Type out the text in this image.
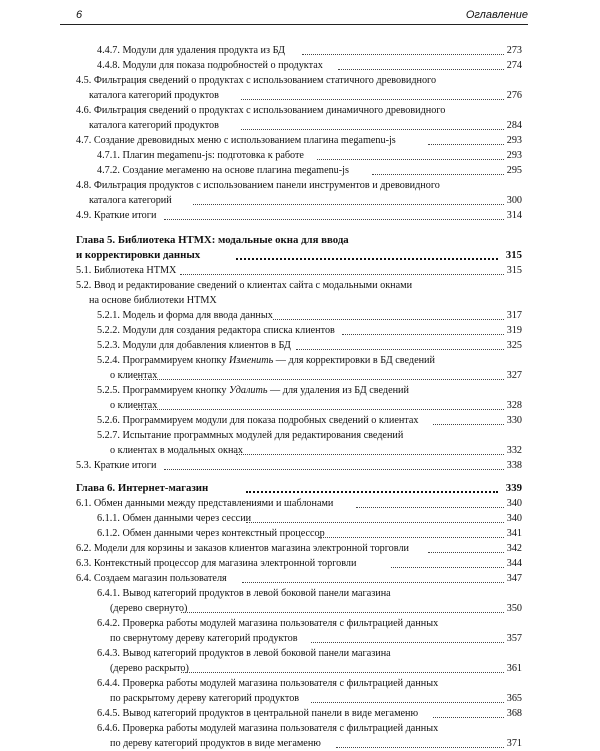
6	Оглавление
4.4.7. Модули для удаления продукта из БД	273
4.4.8. Модули для показа подробностей о продуктах	274
4.5. Фильтрация сведений о продуктах с использованием статичного древовидного
каталога категорий продуктов	276
4.6. Фильтрация сведений о продуктах с использованием динамичного древовидного
каталога категорий продуктов	284
4.7. Создание древовидных меню с использованием плагина megamenu-js	293
4.7.1. Плагин megamenu-js: подготовка к работе	293
4.7.2. Создание мегаменю на основе плагина megamenu-js	295
4.8. Фильтрация продуктов с использованием панели инструментов и древовидного
каталога категорий	300
4.9. Краткие итоги	314
Глава 5. Библиотека HTMX: модальные окна для ввода
и корректировки данных	315
5.1. Библиотека HTMX	315
5.2. Ввод и редактирование сведений о клиентах сайта с модальными окнами
на основе библиотеки HTMX
5.2.1. Модель и форма для ввода данных	317
5.2.2. Модули для создания редактора списка клиентов	319
5.2.3. Модули для добавления клиентов в БД	325
5.2.4. Программируем кнопку Изменить — для корректировки в БД сведений
о клиентах	327
5.2.5. Программируем кнопку Удалить — для удаления из БД сведений
о клиентах	328
5.2.6. Программируем модули для показа подробных сведений о клиентах	330
5.2.7. Испытание программных модулей для редактирования сведений
о клиентах в модальных окнах	332
5.3. Краткие итоги	338
Глава 6. Интернет-магазин	339
6.1. Обмен данными между представлениями и шаблонами	340
6.1.1. Обмен данными через сессии	340
6.1.2. Обмен данными через контекстный процессор	341
6.2. Модели для корзины и заказов клиентов магазина электронной торговли	342
6.3. Контекстный процессор для магазина электронной торговли	344
6.4. Создаем магазин пользователя	347
6.4.1. Вывод категорий продуктов в левой боковой панели магазина
(дерево свернуто)	350
6.4.2. Проверка работы модулей магазина пользователя с фильтрацией данных
по свернутому дереву категорий продуктов	357
6.4.3. Вывод категорий продуктов в левой боковой панели магазина
(дерево раскрыто)	361
6.4.4. Проверка работы модулей магазина пользователя с фильтрацией данных
по раскрытому дереву категорий продуктов	365
6.4.5. Вывод категорий продуктов в центральной панели в виде мегаменю	368
6.4.6. Проверка работы модулей магазина пользователя с фильтрацией данных
по дереву категорий продуктов в виде мегаменю	371
